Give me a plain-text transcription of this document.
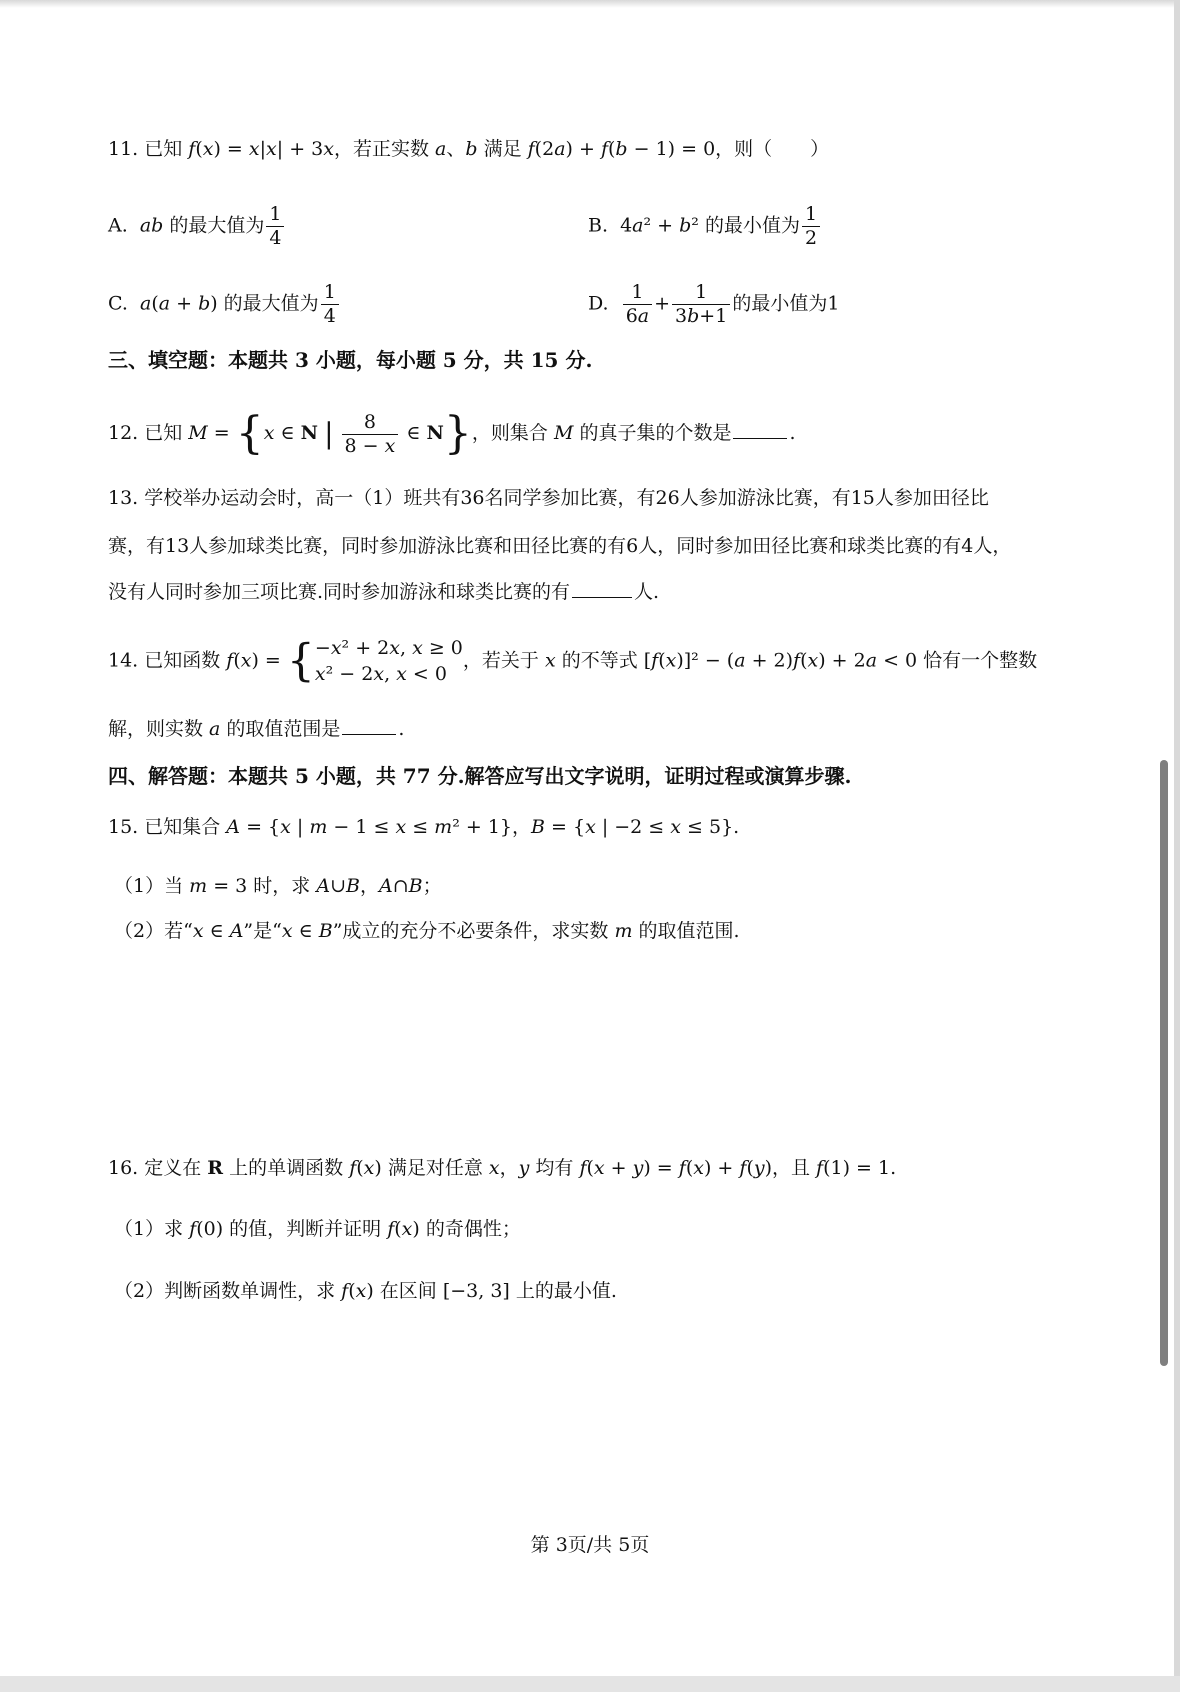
11. 已知 f(x) = x|x| + 3x，若正实数 a、b 满足 f(2a) + f(b − 1) = 0，则（　　）
A.  ab 的最大值为 $\frac{1}{4}$	B.  4a² + b² 的最小值为 $\frac{1}{2}$
C.  a(a + b) 的最大值为 $\frac{1}{4}$	D. $\frac{1}{6a} + \frac{1}{3b+1}$ 的最小值为1
三、填空题：本题共 3 小题，每小题 5 分，共 15 分.
12. 已知 M = {x ∈ N | $\frac{8}{8 - x}$ ∈ N}，则集合 M 的真子集的个数是	.
13. 学校举办运动会时，高一（1）班共有36名同学参加比赛，有26人参加游泳比赛，有15人参加田径比
赛，有13人参加球类比赛，同时参加游泳比赛和田径比赛的有6人，同时参加田径比赛和球类比赛的有4人，
没有人同时参加三项比赛.同时参加游泳和球类比赛的有	人.
14. 已知函数 f(x) = {−x² + 2x, x ≥ 0
x² − 2x, x < 0，若关于 x 的不等式 [f(x)]² − (a + 2)f(x) + 2a < 0 恰有一个整数
解，则实数 a 的取值范围是	.
四、解答题：本题共 5 小题，共 77 分.解答应写出文字说明，证明过程或演算步骤.
15. 已知集合 A = {x | m − 1 ≤ x ≤ m² + 1}，B = {x | −2 ≤ x ≤ 5}.
（1）当 m = 3 时，求 A∪B，A∩B；
（2）若“x ∈ A”是“x ∈ B”成立的充分不必要条件，求实数 m 的取值范围.
16. 定义在 R 上的单调函数 f(x) 满足对任意 x，y 均有 f(x + y) = f(x) + f(y)，且 f(1) = 1.
（1）求 f(0) 的值，判断并证明 f(x) 的奇偶性；
（2）判断函数单调性，求 f(x) 在区间 [−3, 3] 上的最小值.
第 3页/共 5页
